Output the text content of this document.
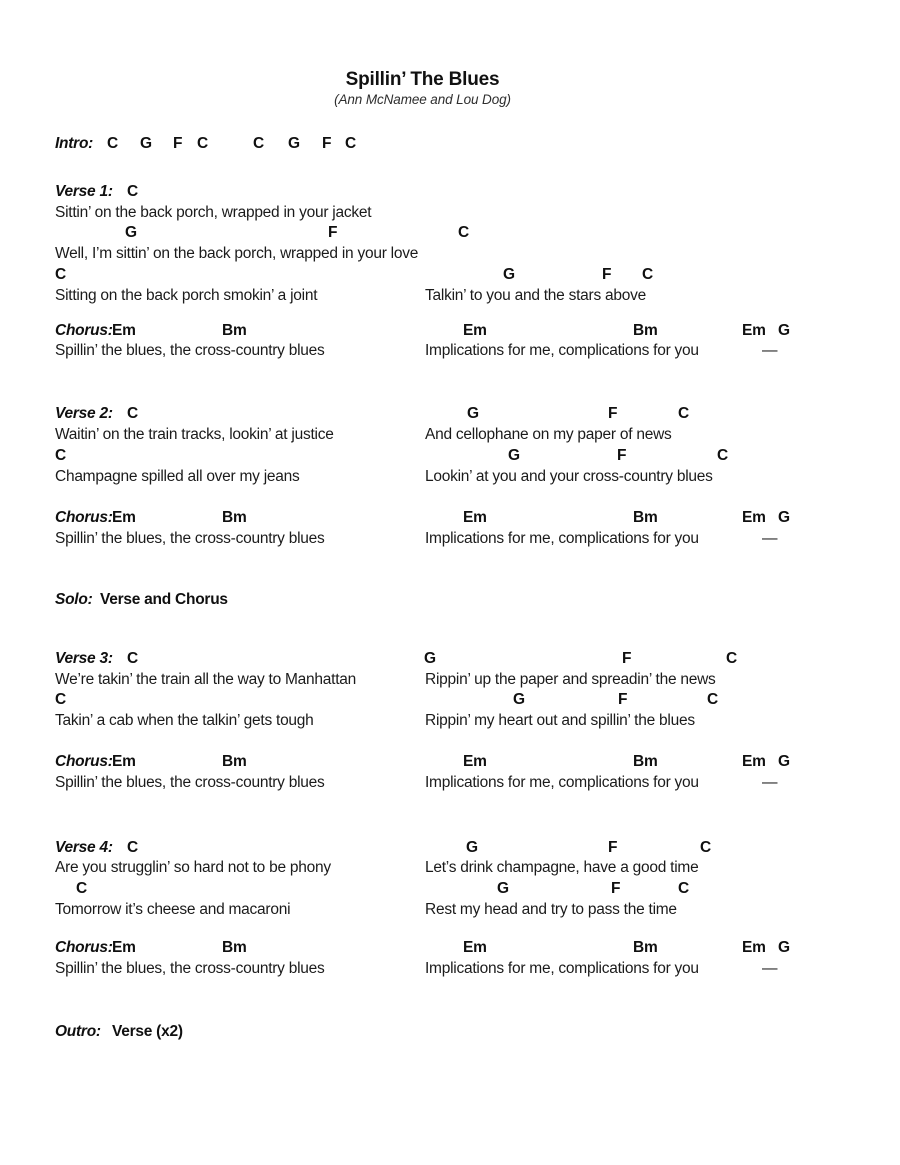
Spillin’ The Blues
(Ann McNamee and Lou Dog)
Intro: C G F C	C G F C
Verse 1: C
Sittin’ on the back porch, wrapped in your jacket
G	F	C
Well, I’m sittin’ on the back porch, wrapped in your love
C	G	F C
Sitting on the back porch smokin’ a joint	Talkin’ to you and the stars above
Chorus: Em	Bm	Em	Bm	Em G
Spillin’ the blues, the cross-country blues	Implications for me, complications for you	—
Verse 2: C	G	F	C
Waitin’ on the train tracks, lookin’ at justice	And cellophane on my paper of news
C	G	F	C
Champagne spilled all over my jeans	Lookin’ at you and your cross-country blues
Chorus: Em	Bm	Em	Bm	Em G
Spillin’ the blues, the cross-country blues	Implications for me, complications for you	—
Solo: Verse and Chorus
Verse 3: C	G	F	C
We’re takin’ the train all the way to Manhattan	Rippin’ up the paper and spreadin’ the news
C	G	F	C
Takin’ a cab when the talkin’ gets tough	Rippin’ my heart out and spillin’ the blues
Chorus: Em	Bm	Em	Bm	Em G
Spillin’ the blues, the cross-country blues	Implications for me, complications for you	—
Verse 4: C	G	F	C
Are you strugglin’ so hard not to be phony	Let’s drink champagne, have a good time
C	G	F	C
Tomorrow it’s cheese and macaroni	Rest my head and try to pass the time
Chorus: Em	Bm	Em	Bm	Em G
Spillin’ the blues, the cross-country blues	Implications for me, complications for you	—
Outro: Verse (x2)
